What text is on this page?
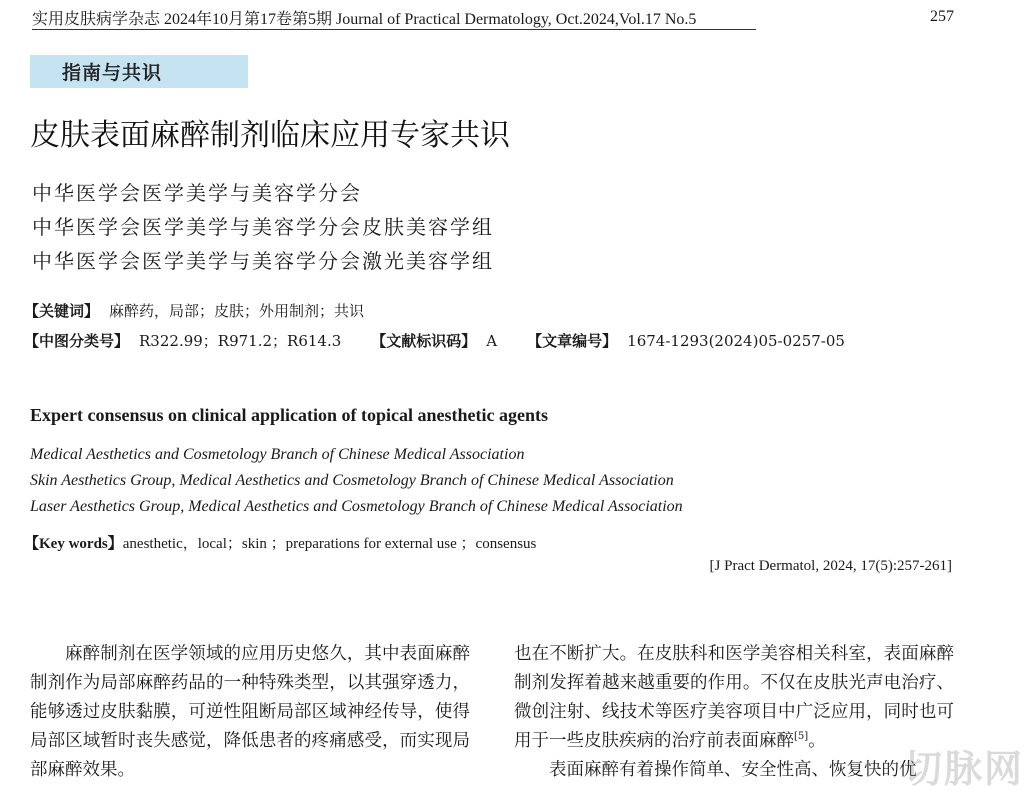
实用皮肤病学杂志 2024年10月第17卷第5期 Journal of Practical Dermatology, Oct.2024,Vol.17 No.5	257
指南与共识
皮肤表面麻醉制剂临床应用专家共识
中华医学会医学美学与美容学分会
中华医学会医学美学与美容学分会皮肤美容学组
中华医学会医学美学与美容学分会激光美容学组
【关键词】 麻醉药，局部；皮肤；外用制剂；共识
【中图分类号】 R322.99；R971.2；R614.3 【文献标识码】 A 【文章编号】 1674-1293(2024)05-0257-05
Expert consensus on clinical application of topical anesthetic agents
Medical Aesthetics and Cosmetology Branch of Chinese Medical Association
Skin Aesthetics Group, Medical Aesthetics and Cosmetology Branch of Chinese Medical Association
Laser Aesthetics Group, Medical Aesthetics and Cosmetology Branch of Chinese Medical Association
【Key words】anesthetic，local；skin ；preparations for external use ；consensus
[J Pract Dermatol, 2024, 17(5):257-261]

麻醉制剂在医学领域的应用历史悠久，其中表面麻醉制剂作为局部麻醉药品的一种特殊类型，以其强穿透力，能够透过皮肤黏膜，可逆性阻断局部区域神经传导，使得局部区域暂时丧失感觉，降低患者的疼痛感受，而实现局部麻醉效果。

也在不断扩大。在皮肤科和医学美容相关科室，表面麻醉制剂发挥着越来越重要的作用。不仅在皮肤光声电治疗、微创注射、线技术等医疗美容项目中广泛应用，同时也可用于一些皮肤疾病的治疗前表面麻醉[5]。

表面麻醉有着操作简单、安全性高、恢复快的优

切脉网
